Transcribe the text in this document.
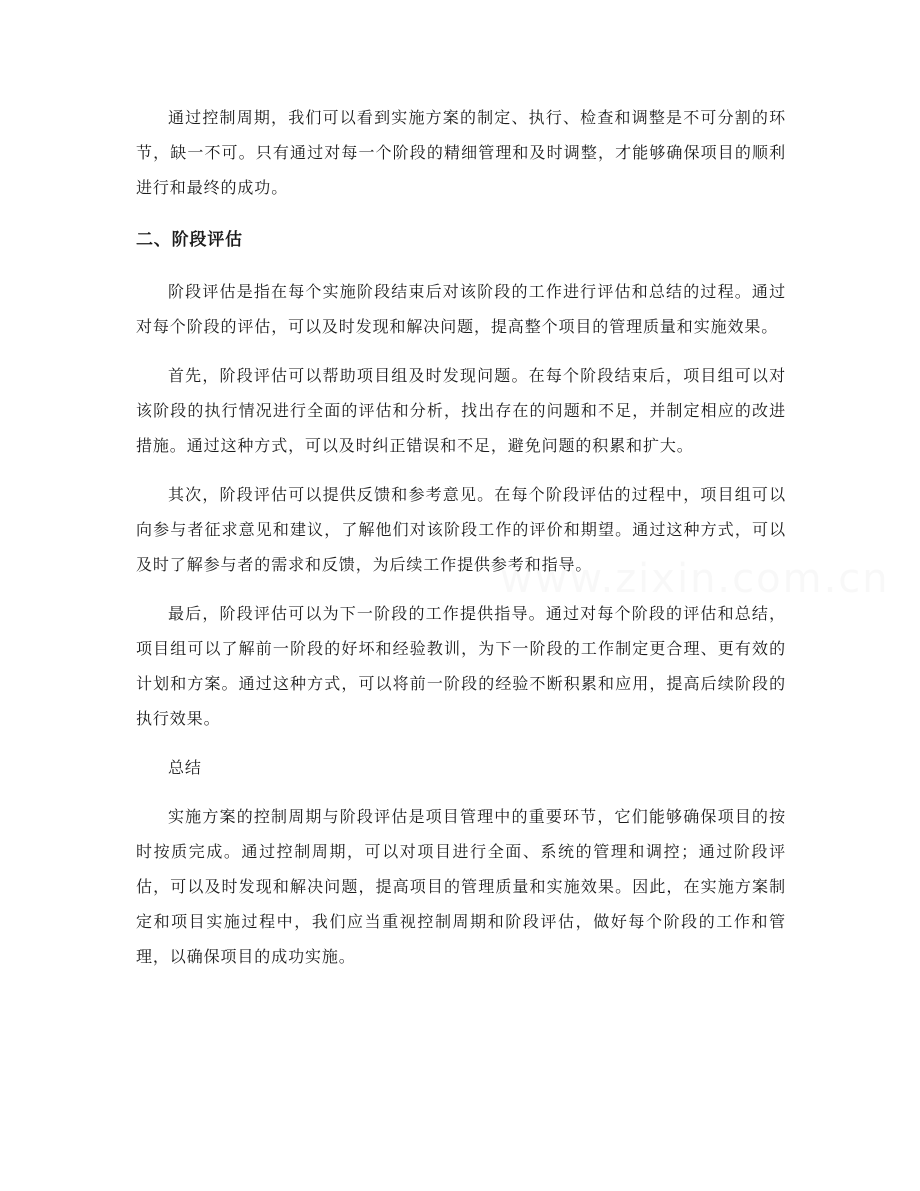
通过控制周期，我们可以看到实施方案的制定、执行、检查和调整是不可分割的环节，缺一不可。只有通过对每一个阶段的精细管理和及时调整，才能够确保项目的顺利进行和最终的成功。

二、阶段评估

阶段评估是指在每个实施阶段结束后对该阶段的工作进行评估和总结的过程。通过对每个阶段的评估，可以及时发现和解决问题，提高整个项目的管理质量和实施效果。

首先，阶段评估可以帮助项目组及时发现问题。在每个阶段结束后，项目组可以对该阶段的执行情况进行全面的评估和分析，找出存在的问题和不足，并制定相应的改进措施。通过这种方式，可以及时纠正错误和不足，避免问题的积累和扩大。

其次，阶段评估可以提供反馈和参考意见。在每个阶段评估的过程中，项目组可以向参与者征求意见和建议，了解他们对该阶段工作的评价和期望。通过这种方式，可以及时了解参与者的需求和反馈，为后续工作提供参考和指导。

最后，阶段评估可以为下一阶段的工作提供指导。通过对每个阶段的评估和总结，项目组可以了解前一阶段的好坏和经验教训，为下一阶段的工作制定更合理、更有效的计划和方案。通过这种方式，可以将前一阶段的经验不断积累和应用，提高后续阶段的执行效果。

总结

实施方案的控制周期与阶段评估是项目管理中的重要环节，它们能够确保项目的按时按质完成。通过控制周期，可以对项目进行全面、系统的管理和调控；通过阶段评估，可以及时发现和解决问题，提高项目的管理质量和实施效果。因此，在实施方案制定和项目实施过程中，我们应当重视控制周期和阶段评估，做好每个阶段的工作和管理，以确保项目的成功实施。

www.zixin.com.cn
